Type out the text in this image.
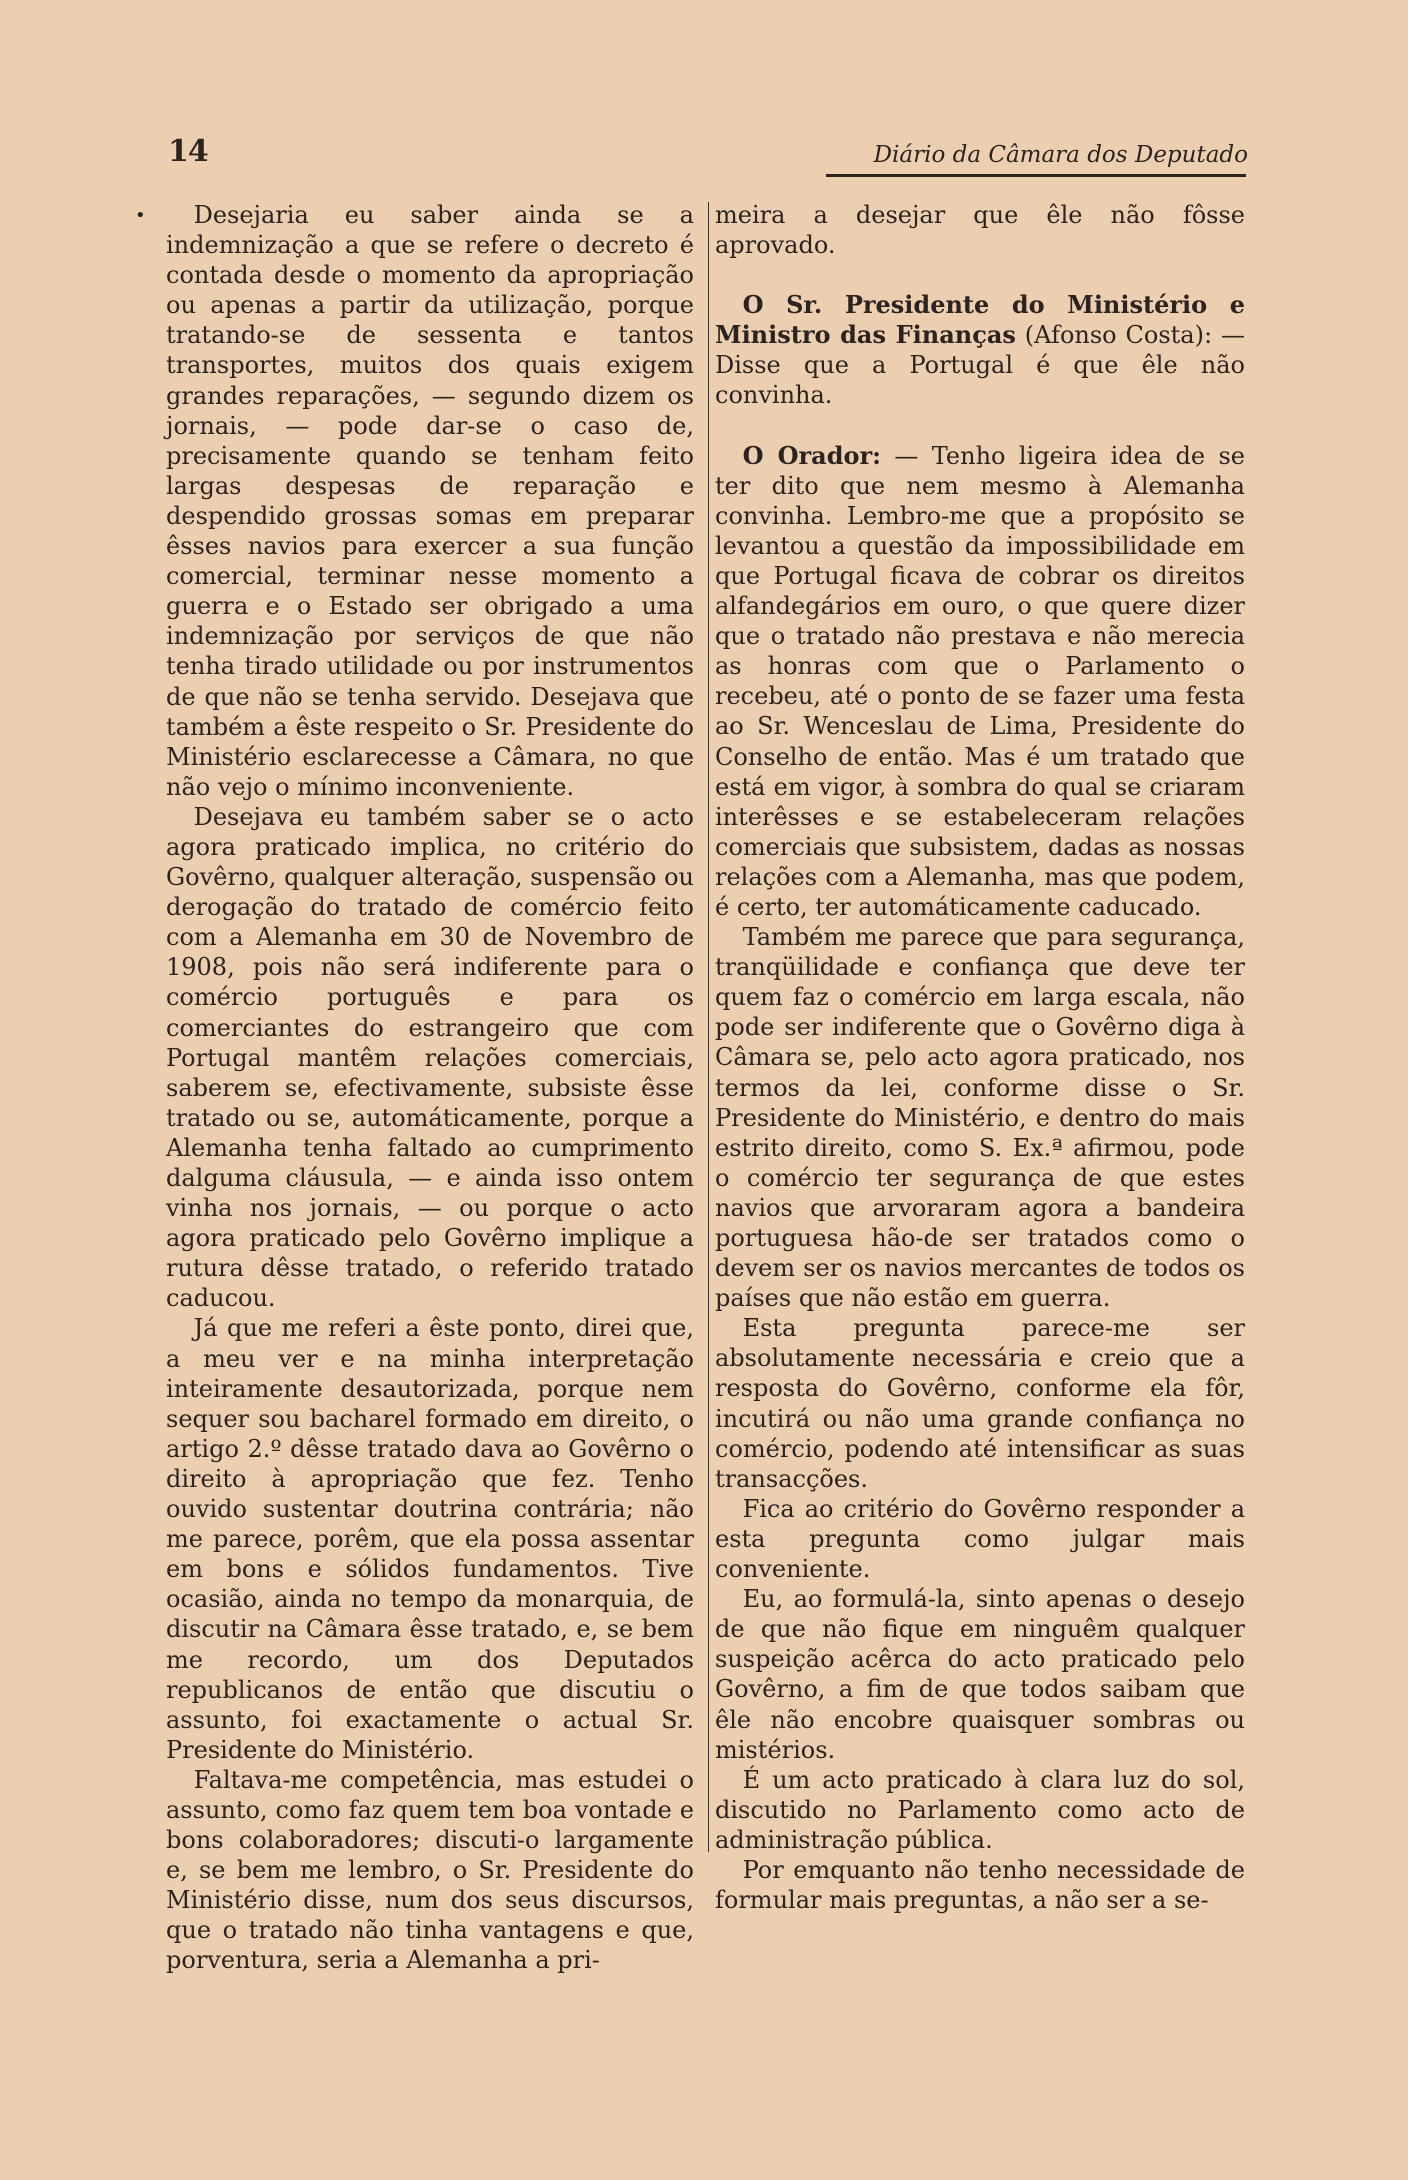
14	Diário da Câmara dos Deputado
•	Desejaria eu saber ainda se a indemnização a que se refere o decreto é contada desde o momento da apropriação ou apenas a partir da utilização, porque tratando-se de sessenta e tantos transportes, muitos dos quais exigem grandes reparações, — segundo dizem os jornais, — pode dar-se o caso de, precisamente quando se tenham feito largas despesas de reparação e despendido grossas somas em preparar êsses navios para exercer a sua função comercial, terminar nesse momento a guerra e o Estado ser obrigado a uma indemnização por serviços de que não tenha tirado utilidade ou por instrumentos de que não se tenha servido. Desejava que também a êste respeito o Sr. Presidente do Ministério esclarecesse a Câmara, no que não vejo o mínimo inconveniente.

Desejava eu também saber se o acto agora praticado implica, no critério do Govêrno, qualquer alteração, suspensão ou derogação do tratado de comércio feito com a Alemanha em 30 de Novembro de 1908, pois não será indiferente para o comércio português e para os comerciantes do estrangeiro que com Portugal mantêm relações comerciais, saberem se, efectivamente, subsiste êsse tratado ou se, automáticamente, porque a Alemanha tenha faltado ao cumprimento dalguma cláusula, — e ainda isso ontem vinha nos jornais, — ou porque o acto agora praticado pelo Govêrno implique a rutura dêsse tratado, o referido tratado caducou.

Já que me referi a êste ponto, direi que, a meu ver e na minha interpretação inteiramente desautorizada, porque nem sequer sou bacharel formado em direito, o artigo 2.º dêsse tratado dava ao Govêrno o direito à apropriação que fez. Tenho ouvido sustentar doutrina contrária; não me parece, porêm, que ela possa assentar em bons e sólidos fundamentos. Tive ocasião, ainda no tempo da monarquia, de discutir na Câmara êsse tratado, e, se bem me recordo, um dos Deputados republicanos de então que discutiu o assunto, foi exactamente o actual Sr. Presidente do Ministério.

Faltava-me competência, mas estudei o assunto, como faz quem tem boa vontade e bons colaboradores; discuti-o largamente e, se bem me lembro, o Sr. Presidente do Ministério disse, num dos seus discursos, que o tratado não tinha vantagens e que, porventura, seria a Alemanha a pri-

meira a desejar que êle não fôsse aprovado.

O Sr. Presidente do Ministério e Ministro das Finanças (Afonso Costa): — Disse que a Portugal é que êle não convinha.

O Orador: — Tenho ligeira idea de se ter dito que nem mesmo à Alemanha convinha. Lembro-me que a propósito se levantou a questão da impossibilidade em que Portugal ficava de cobrar os direitos alfandegários em ouro, o que quere dizer que o tratado não prestava e não merecia as honras com que o Parlamento o recebeu, até o ponto de se fazer uma festa ao Sr. Wenceslau de Lima, Presidente do Conselho de então. Mas é um tratado que está em vigor, à sombra do qual se criaram interêsses e se estabeleceram relações comerciais que subsistem, dadas as nossas relações com a Alemanha, mas que podem, é certo, ter automáticamente caducado.

Também me parece que para segurança, tranqüilidade e confiança que deve ter quem faz o comércio em larga escala, não pode ser indiferente que o Govêrno diga à Câmara se, pelo acto agora praticado, nos termos da lei, conforme disse o Sr. Presidente do Ministério, e dentro do mais estrito direito, como S. Ex.ª afirmou, pode o comércio ter segurança de que estes navios que arvoraram agora a bandeira portuguesa hão-de ser tratados como o devem ser os navios mercantes de todos os países que não estão em guerra.

Esta pregunta parece-me ser absolutamente necessária e creio que a resposta do Govêrno, conforme ela fôr, incutirá ou não uma grande confiança no comércio, podendo até intensificar as suas transacções.

Fica ao critério do Govêrno responder a esta pregunta como julgar mais conveniente.

Eu, ao formulá-la, sinto apenas o desejo de que não fique em ninguêm qualquer suspeição acêrca do acto praticado pelo Govêrno, a fim de que todos saibam que êle não encobre quaisquer sombras ou mistérios.

É um acto praticado à clara luz do sol, discutido no Parlamento como acto de administração pública.

Por emquanto não tenho necessidade de formular mais preguntas, a não ser a se-
